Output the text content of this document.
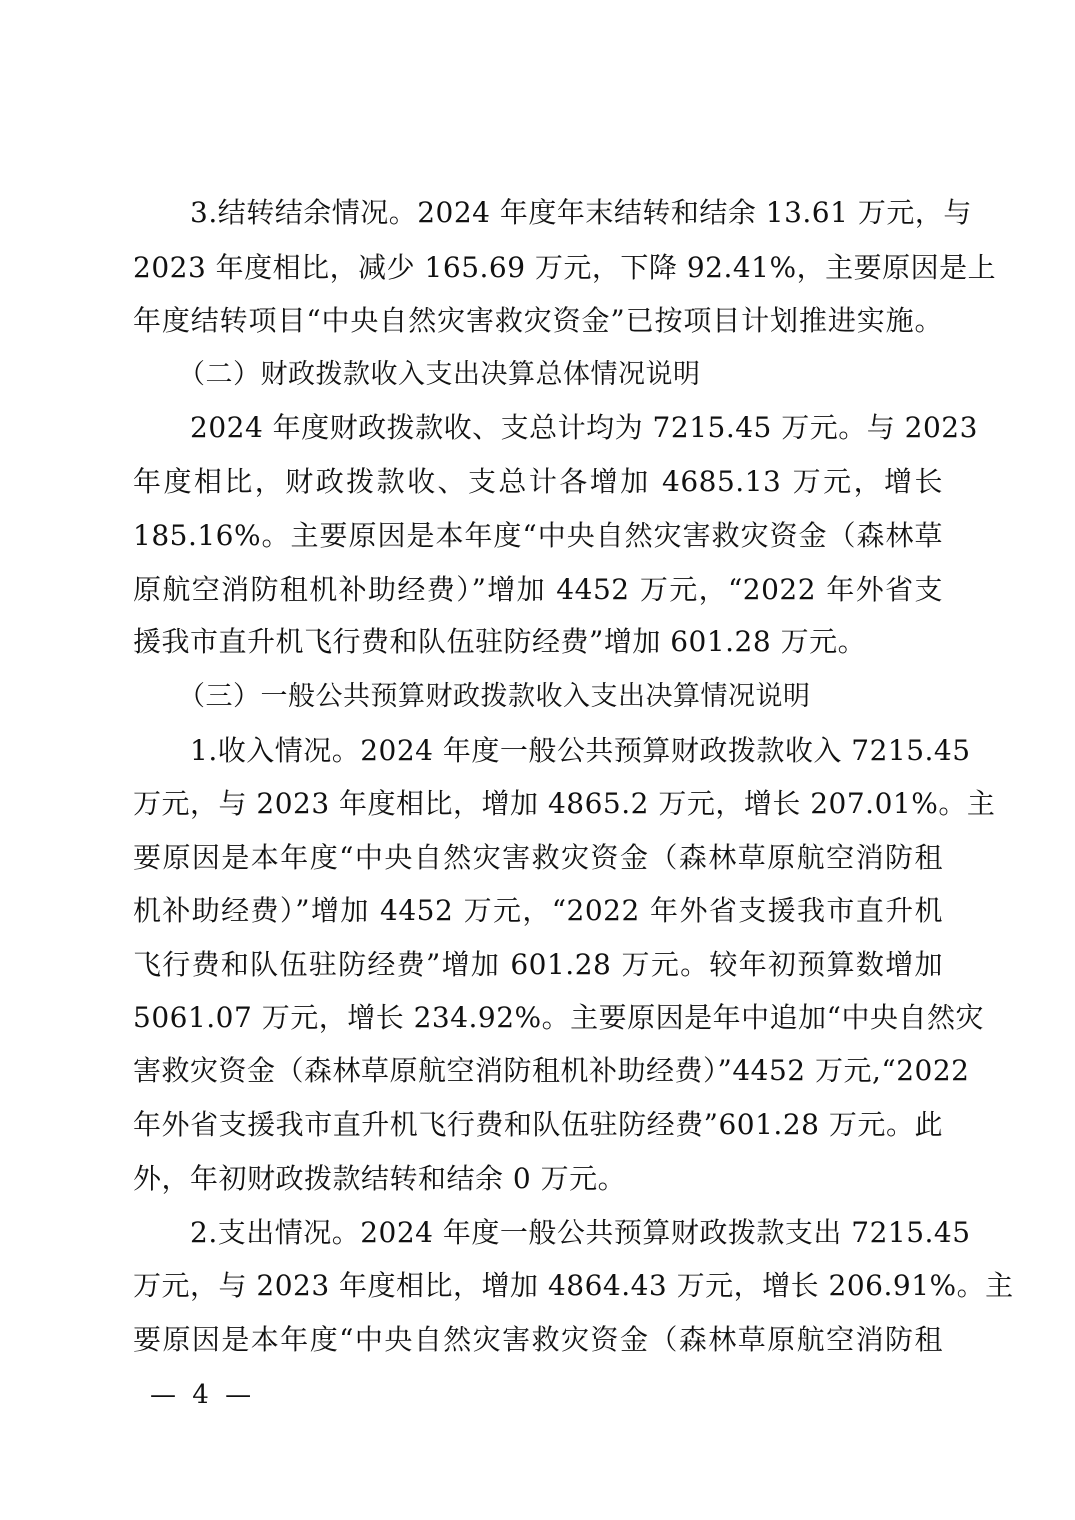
3.结转结余情况。2024 年度年末结转和结余 13.61 万元，与
2023 年度相比，减少 165.69 万元，下降 92.41%，主要原因是上
年度结转项目“中央自然灾害救灾资金”已按项目计划推进实施。
（二）财政拨款收入支出决算总体情况说明
2024 年度财政拨款收、支总计均为 7215.45 万元。与 2023
年度相比，财政拨款收、支总计各增加 4685.13 万元，增长
185.16%。主要原因是本年度“中央自然灾害救灾资金（森林草
原航空消防租机补助经费）”增加 4452 万元，“2022 年外省支
援我市直升机飞行费和队伍驻防经费”增加 601.28 万元。
（三）一般公共预算财政拨款收入支出决算情况说明
1.收入情况。2024 年度一般公共预算财政拨款收入 7215.45
万元，与 2023 年度相比，增加 4865.2 万元，增长 207.01%。主
要原因是本年度“中央自然灾害救灾资金（森林草原航空消防租
机补助经费）”增加 4452 万元，“2022 年外省支援我市直升机
飞行费和队伍驻防经费”增加 601.28 万元。较年初预算数增加
5061.07 万元，增长 234.92%。主要原因是年中追加“中央自然灾
害救灾资金（森林草原航空消防租机补助经费）”4452 万元,“2022
年外省支援我市直升机飞行费和队伍驻防经费”601.28 万元。此
外，年初财政拨款结转和结余 0 万元。
2.支出情况。2024 年度一般公共预算财政拨款支出 7215.45
万元，与 2023 年度相比，增加 4864.43 万元，增长 206.91%。主
要原因是本年度“中央自然灾害救灾资金（森林草原航空消防租
— 4 —
